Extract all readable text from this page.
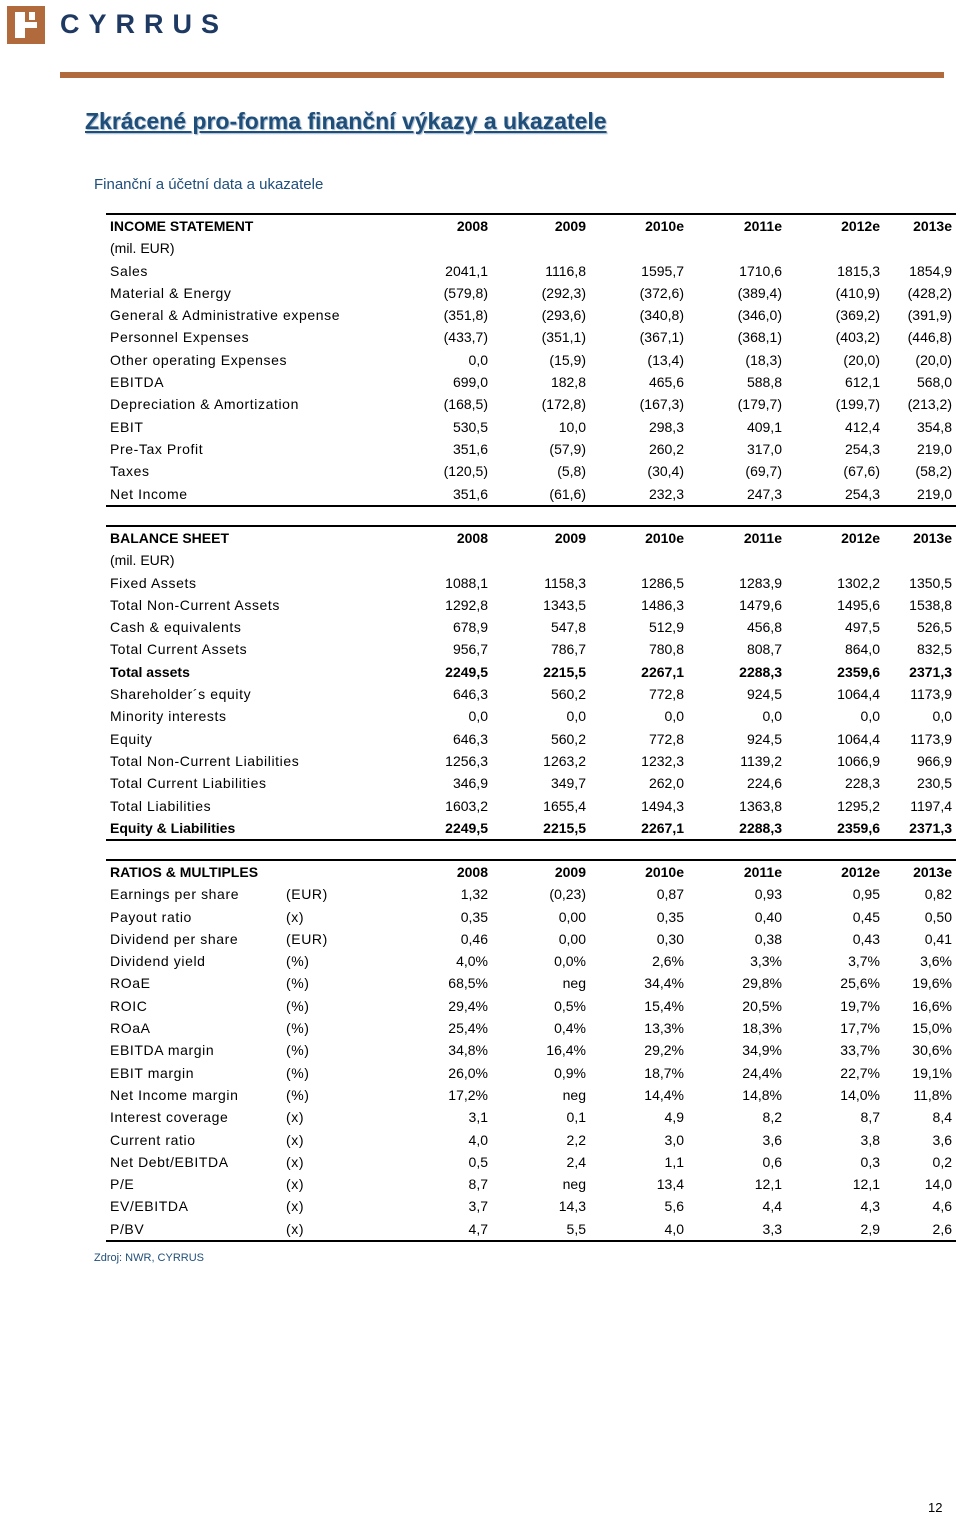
CYRRUS
Zkrácené pro-forma finanční výkazy a ukazatele
Finanční a účetní data a ukazatele
INCOME STATEMENT	2008	2009	2010e	2011e	2012e	2013e
(mil. EUR)						
Sales	2041,1	1116,8	1595,7	1710,6	1815,3	1854,9
Material & Energy	(579,8)	(292,3)	(372,6)	(389,4)	(410,9)	(428,2)
General & Administrative expense	(351,8)	(293,6)	(340,8)	(346,0)	(369,2)	(391,9)
Personnel Expenses	(433,7)	(351,1)	(367,1)	(368,1)	(403,2)	(446,8)
Other operating Expenses	0,0	(15,9)	(13,4)	(18,3)	(20,0)	(20,0)
EBITDA	699,0	182,8	465,6	588,8	612,1	568,0
Depreciation & Amortization	(168,5)	(172,8)	(167,3)	(179,7)	(199,7)	(213,2)
EBIT	530,5	10,0	298,3	409,1	412,4	354,8
Pre-Tax Profit	351,6	(57,9)	260,2	317,0	254,3	219,0
Taxes	(120,5)	(5,8)	(30,4)	(69,7)	(67,6)	(58,2)
Net Income	351,6	(61,6)	232,3	247,3	254,3	219,0
BALANCE SHEET	2008	2009	2010e	2011e	2012e	2013e
(mil. EUR)						
Fixed Assets	1088,1	1158,3	1286,5	1283,9	1302,2	1350,5
Total Non-Current Assets	1292,8	1343,5	1486,3	1479,6	1495,6	1538,8
Cash & equivalents	678,9	547,8	512,9	456,8	497,5	526,5
Total Current Assets	956,7	786,7	780,8	808,7	864,0	832,5
Total assets	2249,5	2215,5	2267,1	2288,3	2359,6	2371,3
Shareholder´s equity	646,3	560,2	772,8	924,5	1064,4	1173,9
Minority interests	0,0	0,0	0,0	0,0	0,0	0,0
Equity	646,3	560,2	772,8	924,5	1064,4	1173,9
Total Non-Current Liabilities	1256,3	1263,2	1232,3	1139,2	1066,9	966,9
Total Current Liabilities	346,9	349,7	262,0	224,6	228,3	230,5
Total Liabilities	1603,2	1655,4	1494,3	1363,8	1295,2	1197,4
Equity & Liabilities	2249,5	2215,5	2267,1	2288,3	2359,6	2371,3
RATIOS & MULTIPLES		2008	2009	2010e	2011e	2012e	2013e
Earnings per share	(EUR)	1,32	(0,23)	0,87	0,93	0,95	0,82
Payout ratio	(x)	0,35	0,00	0,35	0,40	0,45	0,50
Dividend per share	(EUR)	0,46	0,00	0,30	0,38	0,43	0,41
Dividend yield	(%)	4,0%	0,0%	2,6%	3,3%	3,7%	3,6%
ROaE	(%)	68,5%	neg	34,4%	29,8%	25,6%	19,6%
ROIC	(%)	29,4%	0,5%	15,4%	20,5%	19,7%	16,6%
ROaA	(%)	25,4%	0,4%	13,3%	18,3%	17,7%	15,0%
EBITDA margin	(%)	34,8%	16,4%	29,2%	34,9%	33,7%	30,6%
EBIT margin	(%)	26,0%	0,9%	18,7%	24,4%	22,7%	19,1%
Net Income margin	(%)	17,2%	neg	14,4%	14,8%	14,0%	11,8%
Interest coverage	(x)	3,1	0,1	4,9	8,2	8,7	8,4
Current ratio	(x)	4,0	2,2	3,0	3,6	3,8	3,6
Net Debt/EBITDA	(x)	0,5	2,4	1,1	0,6	0,3	0,2
P/E	(x)	8,7	neg	13,4	12,1	12,1	14,0
EV/EBITDA	(x)	3,7	14,3	5,6	4,4	4,3	4,6
P/BV	(x)	4,7	5,5	4,0	3,3	2,9	2,6
Zdroj: NWR, CYRRUS
12
